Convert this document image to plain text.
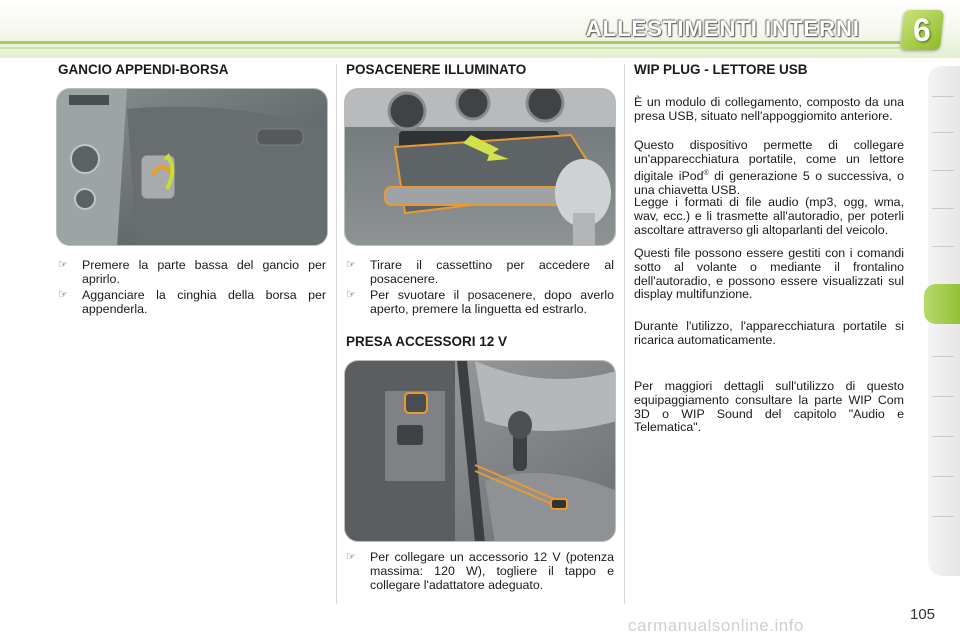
ALLESTIMENTI INTERNI	6
GANCIO APPENDI-BORSA
☞ Premere la parte bassa del gancio per aprirlo.
☞ Agganciare la cinghia della borsa per appenderla.
POSACENERE ILLUMINATO
☞ Tirare il cassettino per accedere al posacenere.
☞ Per svuotare il posacenere, dopo averlo aperto, premere la linguetta ed estrarlo.
PRESA ACCESSORI 12 V
☞ Per collegare un accessorio 12 V (potenza massima: 120 W), togliere il tappo e collegare l'adattatore adeguato.
WIP PLUG - LETTORE USB
È un modulo di collegamento, composto da una presa USB, situato nell'appoggiomito anteriore.
Questo dispositivo permette di collegare un'apparecchiatura portatile, come un lettore digitale iPod® di generazione 5 o successiva, o una chiavetta USB.
Legge i formati di file audio (mp3, ogg, wma, wav, ecc.) e li trasmette all'autoradio, per poterli ascoltare attraverso gli altoparlanti del veicolo.
Questi file possono essere gestiti con i comandi sotto al volante o mediante il frontalino dell'autoradio, e possono essere visualizzati sul display multifunzione.
Durante l'utilizzo, l'apparecchiatura portatile si ricarica automaticamente.
Per maggiori dettagli sull'utilizzo di questo equipaggiamento consultare la parte WIP Com 3D o WIP Sound del capitolo "Audio e Telematica".
105
carmanualsonline.info
